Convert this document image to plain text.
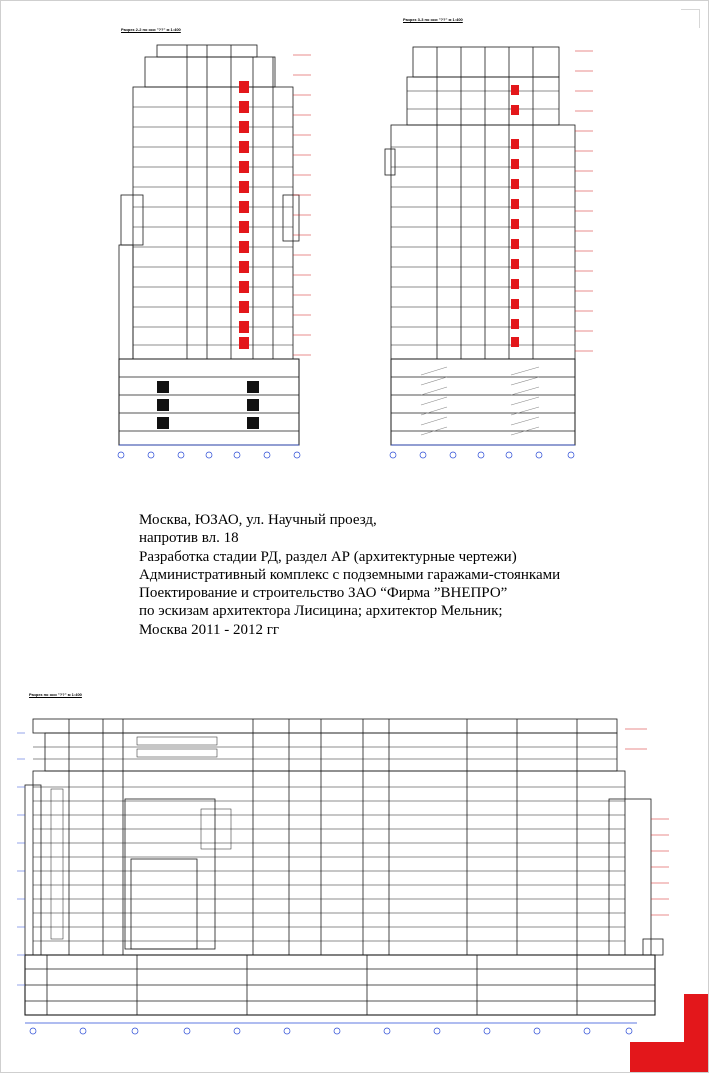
Разрез 2-2 по оси "??" м 1:400
Разрез 3-3 по оси "??" м 1:400
Москва, ЮЗАО, ул. Научный проезд,
напротив вл. 18
Разработка стадии РД, раздел АР (архитектурные чертежи)
Административный комплекс с подземными гаражами-стоянками
Поектирование и строительство ЗАО “Фирма ”ВНЕПРО”
по эскизам архитектора Лисицина; архитектор Мельник;
Москва 2011 - 2012 гг
Разрез по оси "??" м 1:400
